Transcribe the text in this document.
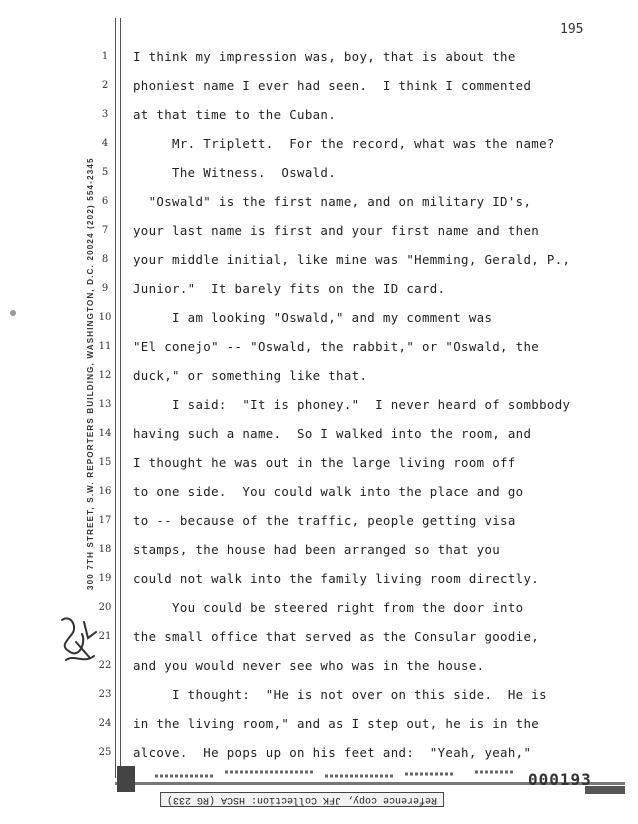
195
300 7TH STREET, S.W. REPORTERS BUILDING, WASHINGTON, D.C. 20024 (202) 554-2345
1	I think my impression was, boy, that is about the
2	phoniest name I ever had seen.  I think I commented
3	at that time to the Cuban.
4	Mr. Triplett.  For the record, what was the name?
5	The Witness.  Oswald.
6	"Oswald" is the first name, and on military ID's,
7	your last name is first and your first name and then
8	your middle initial, like mine was "Hemming, Gerald, P.,
9	Junior."  It barely fits on the ID card.
10 I am looking "Oswald," and my comment was
11 "El conejo" -- "Oswald, the rabbit," or "Oswald, the
12 duck," or something like that.
13 I said:  "It is phoney."  I never heard of sombbody
14 having such a name.  So I walked into the room, and
15 I thought he was out in the large living room off
16 to one side.  You could walk into the place and go
17 to -- because of the traffic, people getting visa
18 stamps, the house had been arranged so that you
19 could not walk into the family living room directly.
20 You could be steered right from the door into
21 the small office that served as the Consular goodie,
22 and you would never see who was in the house.
23 I thought:  "He is not over on this side.  He is
24 in the living room," and as I step out, he is in the
25 alcove.  He pops up on his feet and:  "Yeah, yeah,"
Reference copy, JFK Collection: HSCA (RG 233)
000193
